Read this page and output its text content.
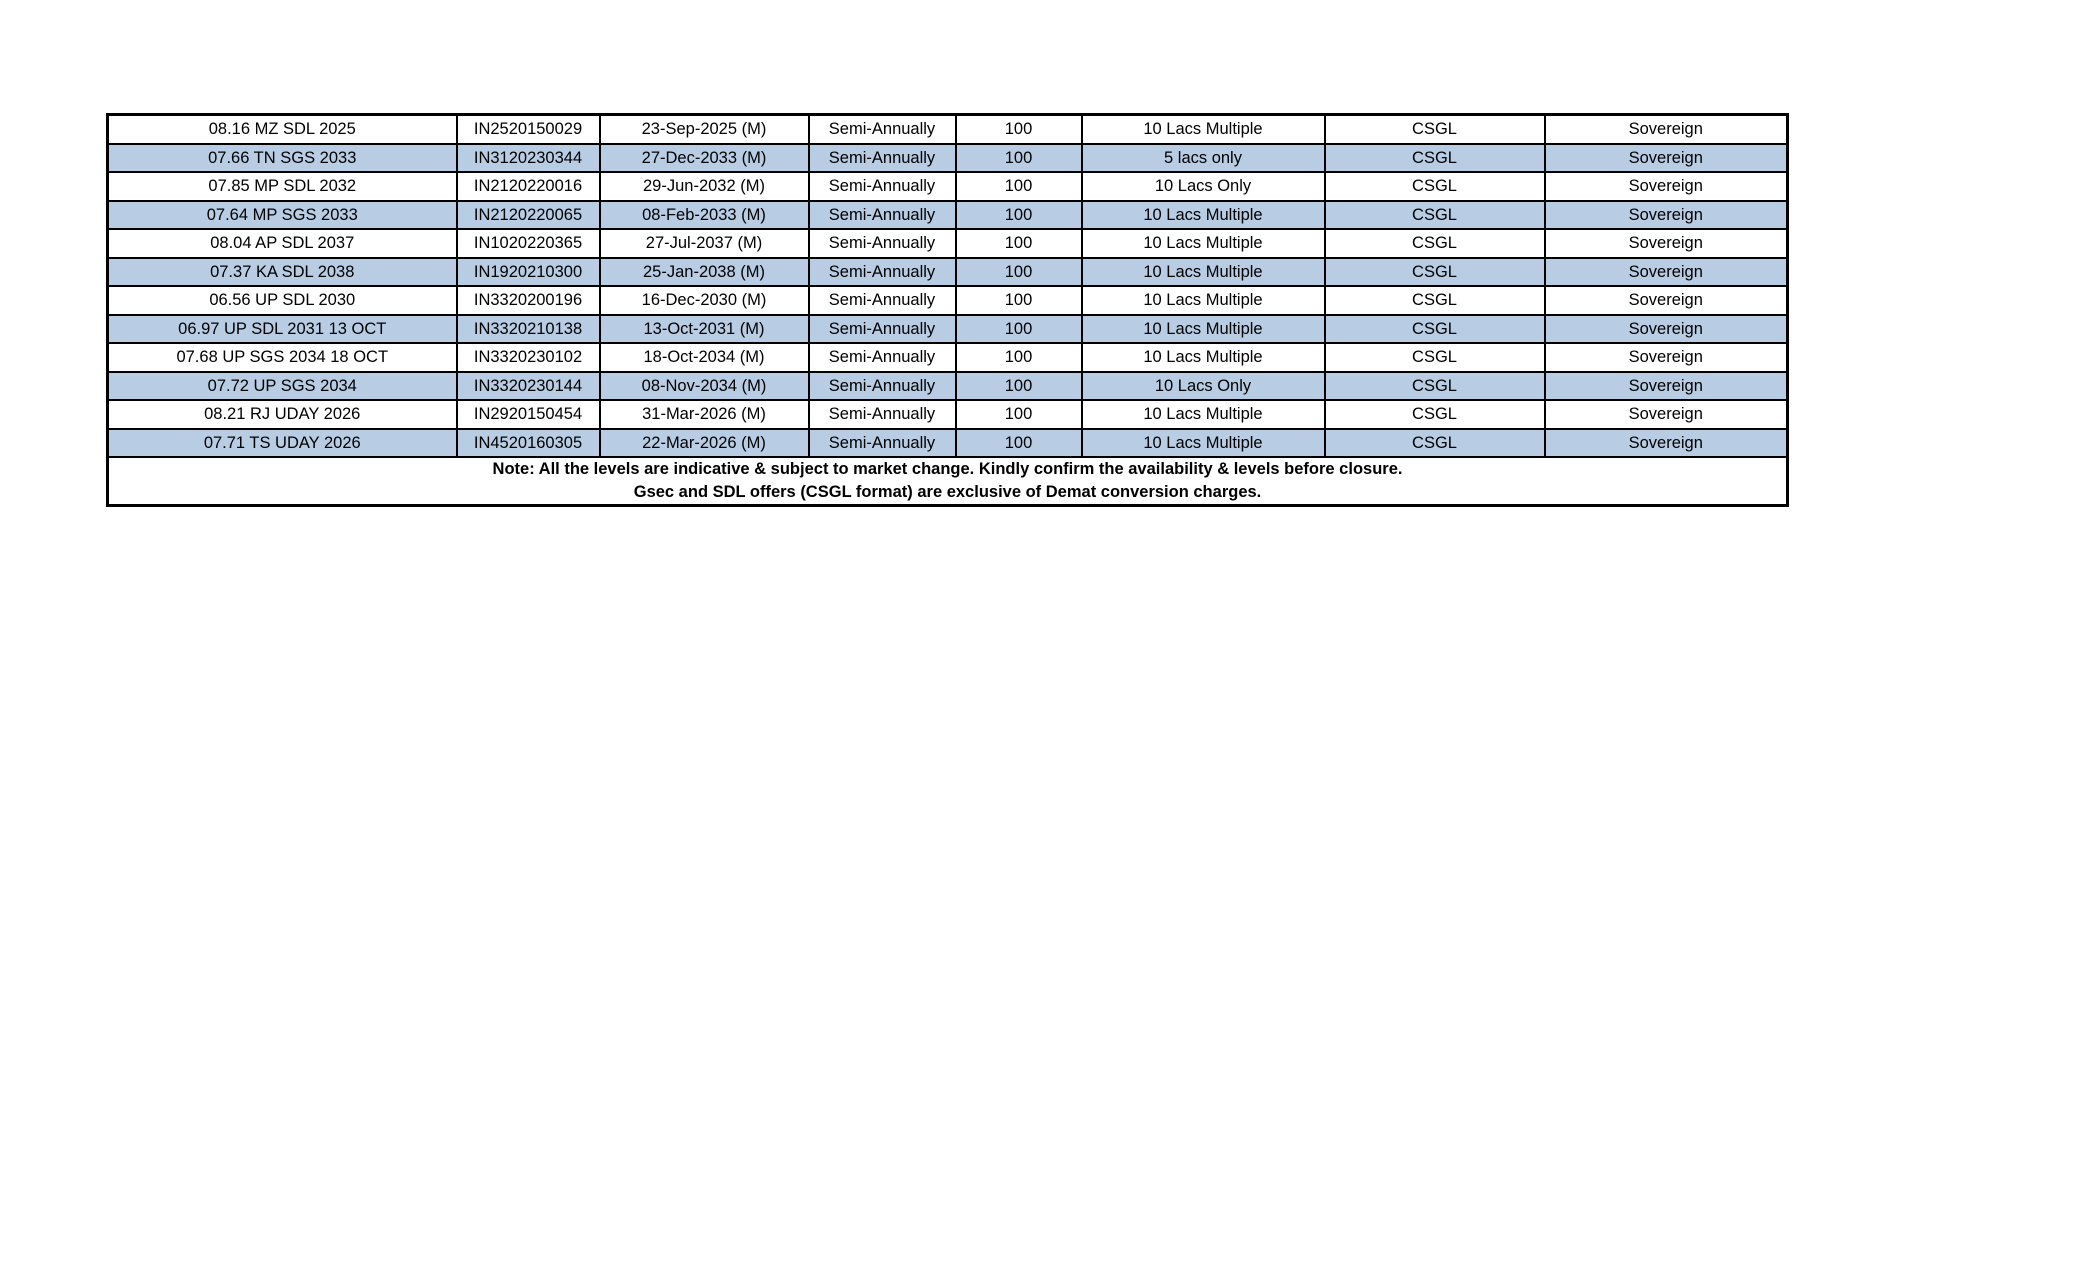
08.16 MZ SDL 2025	IN2520150029	23-Sep-2025 (M)	Semi-Annually	100	10 Lacs Multiple	CSGL	Sovereign
07.66 TN SGS 2033	IN3120230344	27-Dec-2033 (M)	Semi-Annually	100	5 lacs only	CSGL	Sovereign
07.85 MP SDL 2032	IN2120220016	29-Jun-2032 (M)	Semi-Annually	100	10 Lacs Only	CSGL	Sovereign
07.64 MP SGS 2033	IN2120220065	08-Feb-2033 (M)	Semi-Annually	100	10 Lacs Multiple	CSGL	Sovereign
08.04 AP SDL 2037	IN1020220365	27-Jul-2037 (M)	Semi-Annually	100	10 Lacs Multiple	CSGL	Sovereign
07.37 KA SDL 2038	IN1920210300	25-Jan-2038 (M)	Semi-Annually	100	10 Lacs Multiple	CSGL	Sovereign
06.56 UP SDL 2030	IN3320200196	16-Dec-2030 (M)	Semi-Annually	100	10 Lacs Multiple	CSGL	Sovereign
06.97 UP SDL 2031 13 OCT	IN3320210138	13-Oct-2031 (M)	Semi-Annually	100	10 Lacs Multiple	CSGL	Sovereign
07.68 UP SGS 2034 18 OCT	IN3320230102	18-Oct-2034 (M)	Semi-Annually	100	10 Lacs Multiple	CSGL	Sovereign
07.72 UP SGS 2034	IN3320230144	08-Nov-2034 (M)	Semi-Annually	100	10 Lacs Only	CSGL	Sovereign
08.21 RJ UDAY 2026	IN2920150454	31-Mar-2026 (M)	Semi-Annually	100	10 Lacs Multiple	CSGL	Sovereign
07.71 TS UDAY 2026	IN4520160305	22-Mar-2026 (M)	Semi-Annually	100	10 Lacs Multiple	CSGL	Sovereign

Note: All the levels are indicative & subject to market change. Kindly confirm the availability & levels before closure.
Gsec and SDL offers (CSGL format) are exclusive of Demat conversion charges.							
